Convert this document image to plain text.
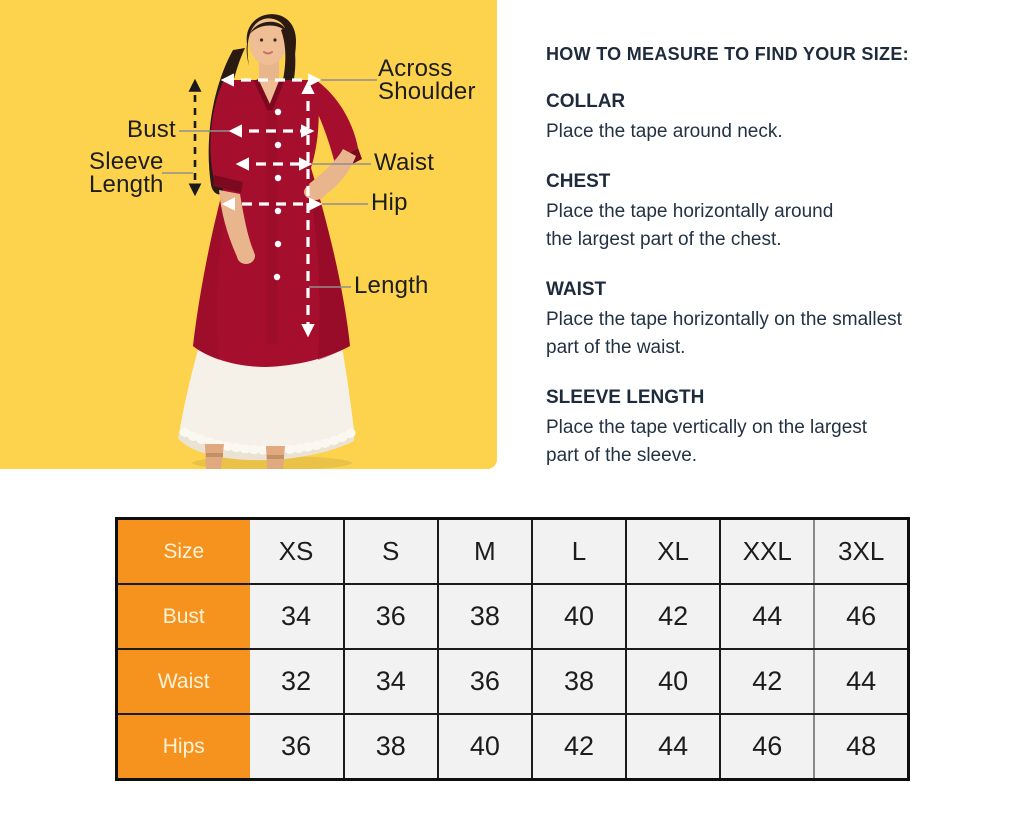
Across
Shoulder
Bust
Sleeve
Length
Waist
Hip
Length
HOW TO MEASURE TO FIND YOUR SIZE:
COLLAR
Place the tape around neck.
CHEST
Place the tape horizontally around
the largest part of the chest.
WAIST
Place the tape horizontally on the smallest
part of the waist.
SLEEVE LENGTH
Place the tape vertically on the largest
part of the sleeve.
Size	XS	S	M	L	XL	XXL	3XL
Bust	34	36	38	40	42	44	46
Waist	32	34	36	38	40	42	44
Hips	36	38	40	42	44	46	48
